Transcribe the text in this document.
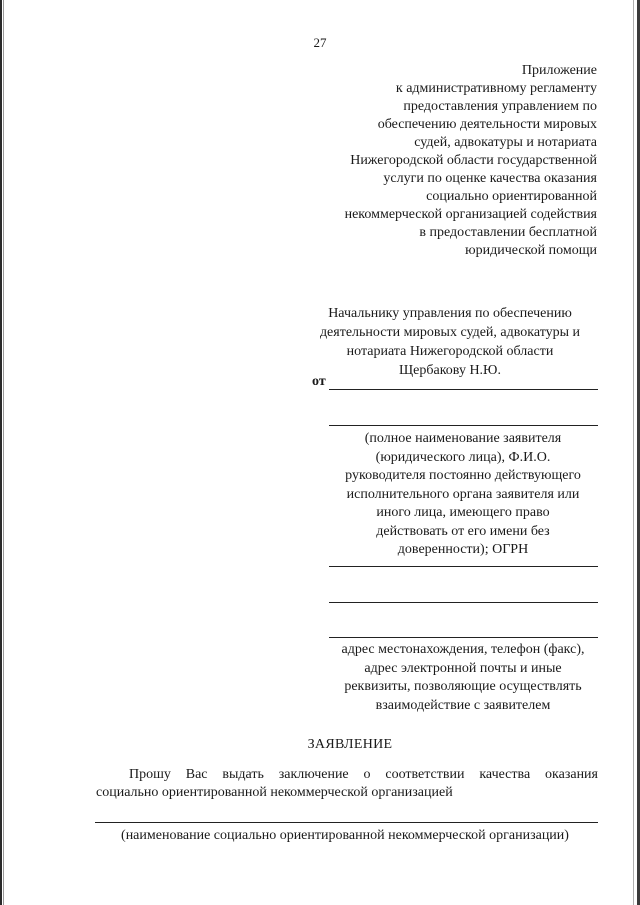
27
Приложение
к административному регламенту
предоставления управлением по
обеспечению деятельности мировых
судей, адвокатуры и нотариата
Нижегородской области государственной
услуги по оценке качества оказания
социально ориентированной
некоммерческой организацией содействия
в предоставлении бесплатной
юридической помощи
Начальнику управления по обеспечению
деятельности мировых судей, адвокатуры и
нотариата Нижегородской области
Щербакову Н.Ю.
от
(полное наименование заявителя
(юридического лица), Ф.И.О.
руководителя постоянно действующего
исполнительного органа заявителя или
иного лица, имеющего право
действовать от его имени без
доверенности); ОГРН
адрес местонахождения, телефон (факс),
адрес электронной почты и иные
реквизиты, позволяющие осуществлять
взаимодействие с заявителем
ЗАЯВЛЕНИЕ
Прошу Вас выдать заключение о соответствии качества оказания
социально ориентированной некоммерческой организацией
(наименование социально ориентированной некоммерческой организации)
